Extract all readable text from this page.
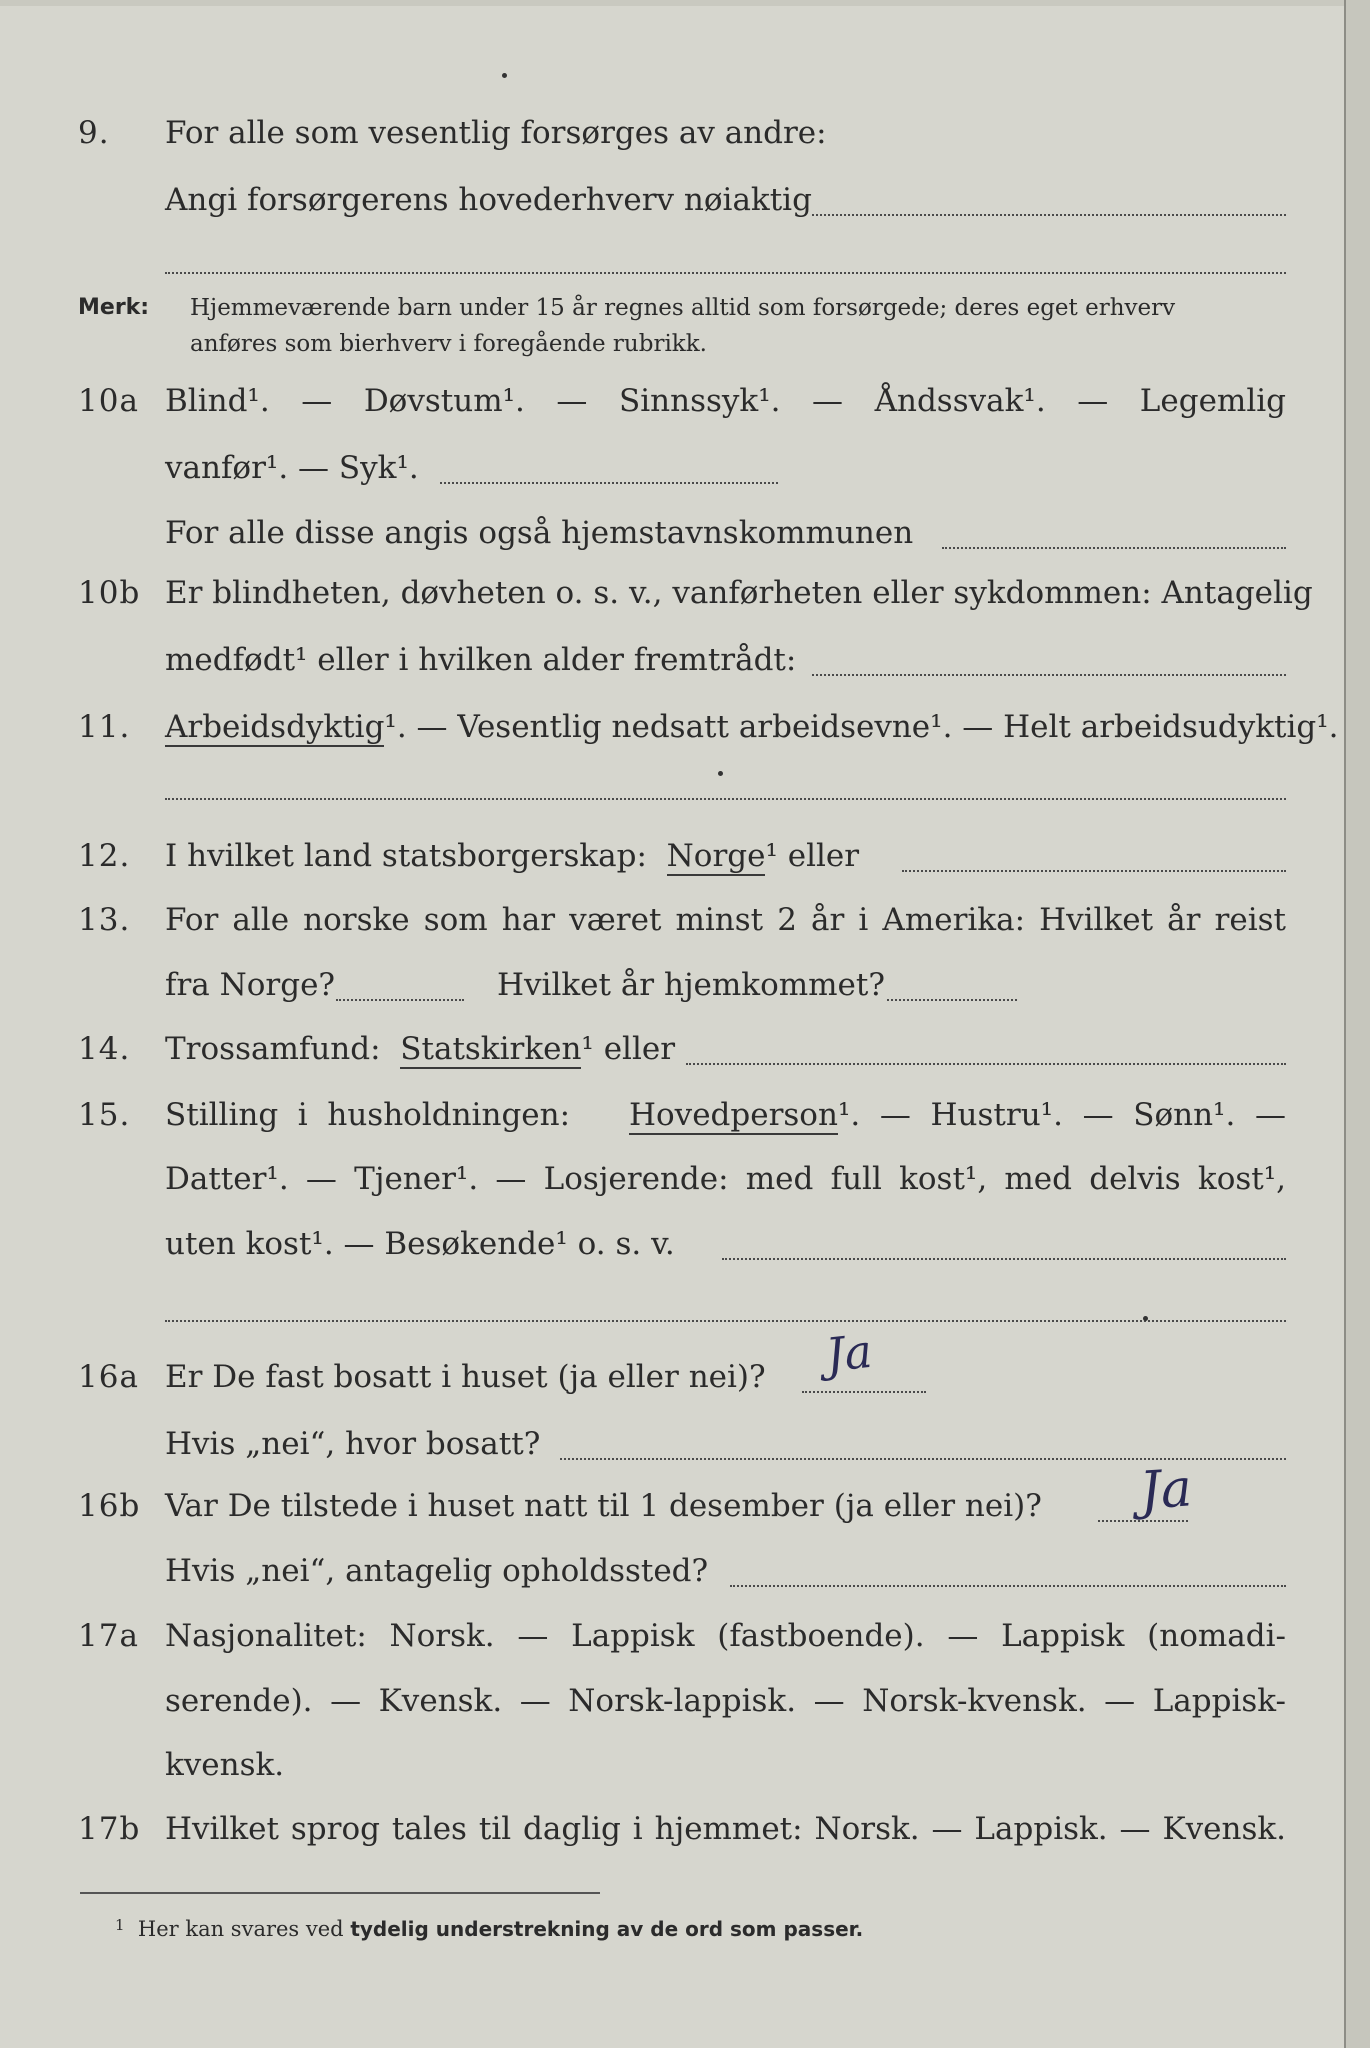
9. For alle som vesentlig forsørges av andre:
Angi forsørgerens hovederhverv nøiaktig
Merk: Hjemmeværende barn under 15 år regnes alltid som forsørgede; deres eget erhverv
anføres som bierhverv i foregående rubrikk.
10a Blind¹. — Døvstum¹. — Sinnssyk¹. — Åndssvak¹. — Legemlig
vanfør¹. — Syk¹.
For alle disse angis også hjemstavnskommunen
10b Er blindheten, døvheten o. s. v., vanførheten eller sykdommen: Antagelig
medfødt¹ eller i hvilken alder fremtrådt:
11. Arbeidsdyktig¹. — Vesentlig nedsatt arbeidsevne¹. — Helt arbeidsudyktig¹.
12. I hvilket land statsborgerskap: Norge¹ eller
13. For alle norske som har været minst 2 år i Amerika: Hvilket år reist
fra Norge?	Hvilket år hjemkommet?
14. Trossamfund: Statskirken¹ eller
15. Stilling i husholdningen: Hovedperson¹. — Hustru¹. — Sønn¹. —
Datter¹. — Tjener¹. — Losjerende: med full kost¹, med delvis kost¹,
uten kost¹. — Besøkende¹ o. s. v.
16a Er De fast bosatt i huset (ja eller nei)? Ja
Hvis „nei“, hvor bosatt?
16b Var De tilstede i huset natt til 1 desember (ja eller nei)? Ja
Hvis „nei“, antagelig opholdssted?
17a Nasjonalitet: Norsk. — Lappisk (fastboende). — Lappisk (nomadi-
serende). — Kvensk. — Norsk-lappisk. — Norsk-kvensk. — Lappisk-
kvensk.
17b Hvilket sprog tales til daglig i hjemmet: Norsk. — Lappisk. — Kvensk.
$^1$ Her kan svares ved tydelig understrekning av de ord som passer.
